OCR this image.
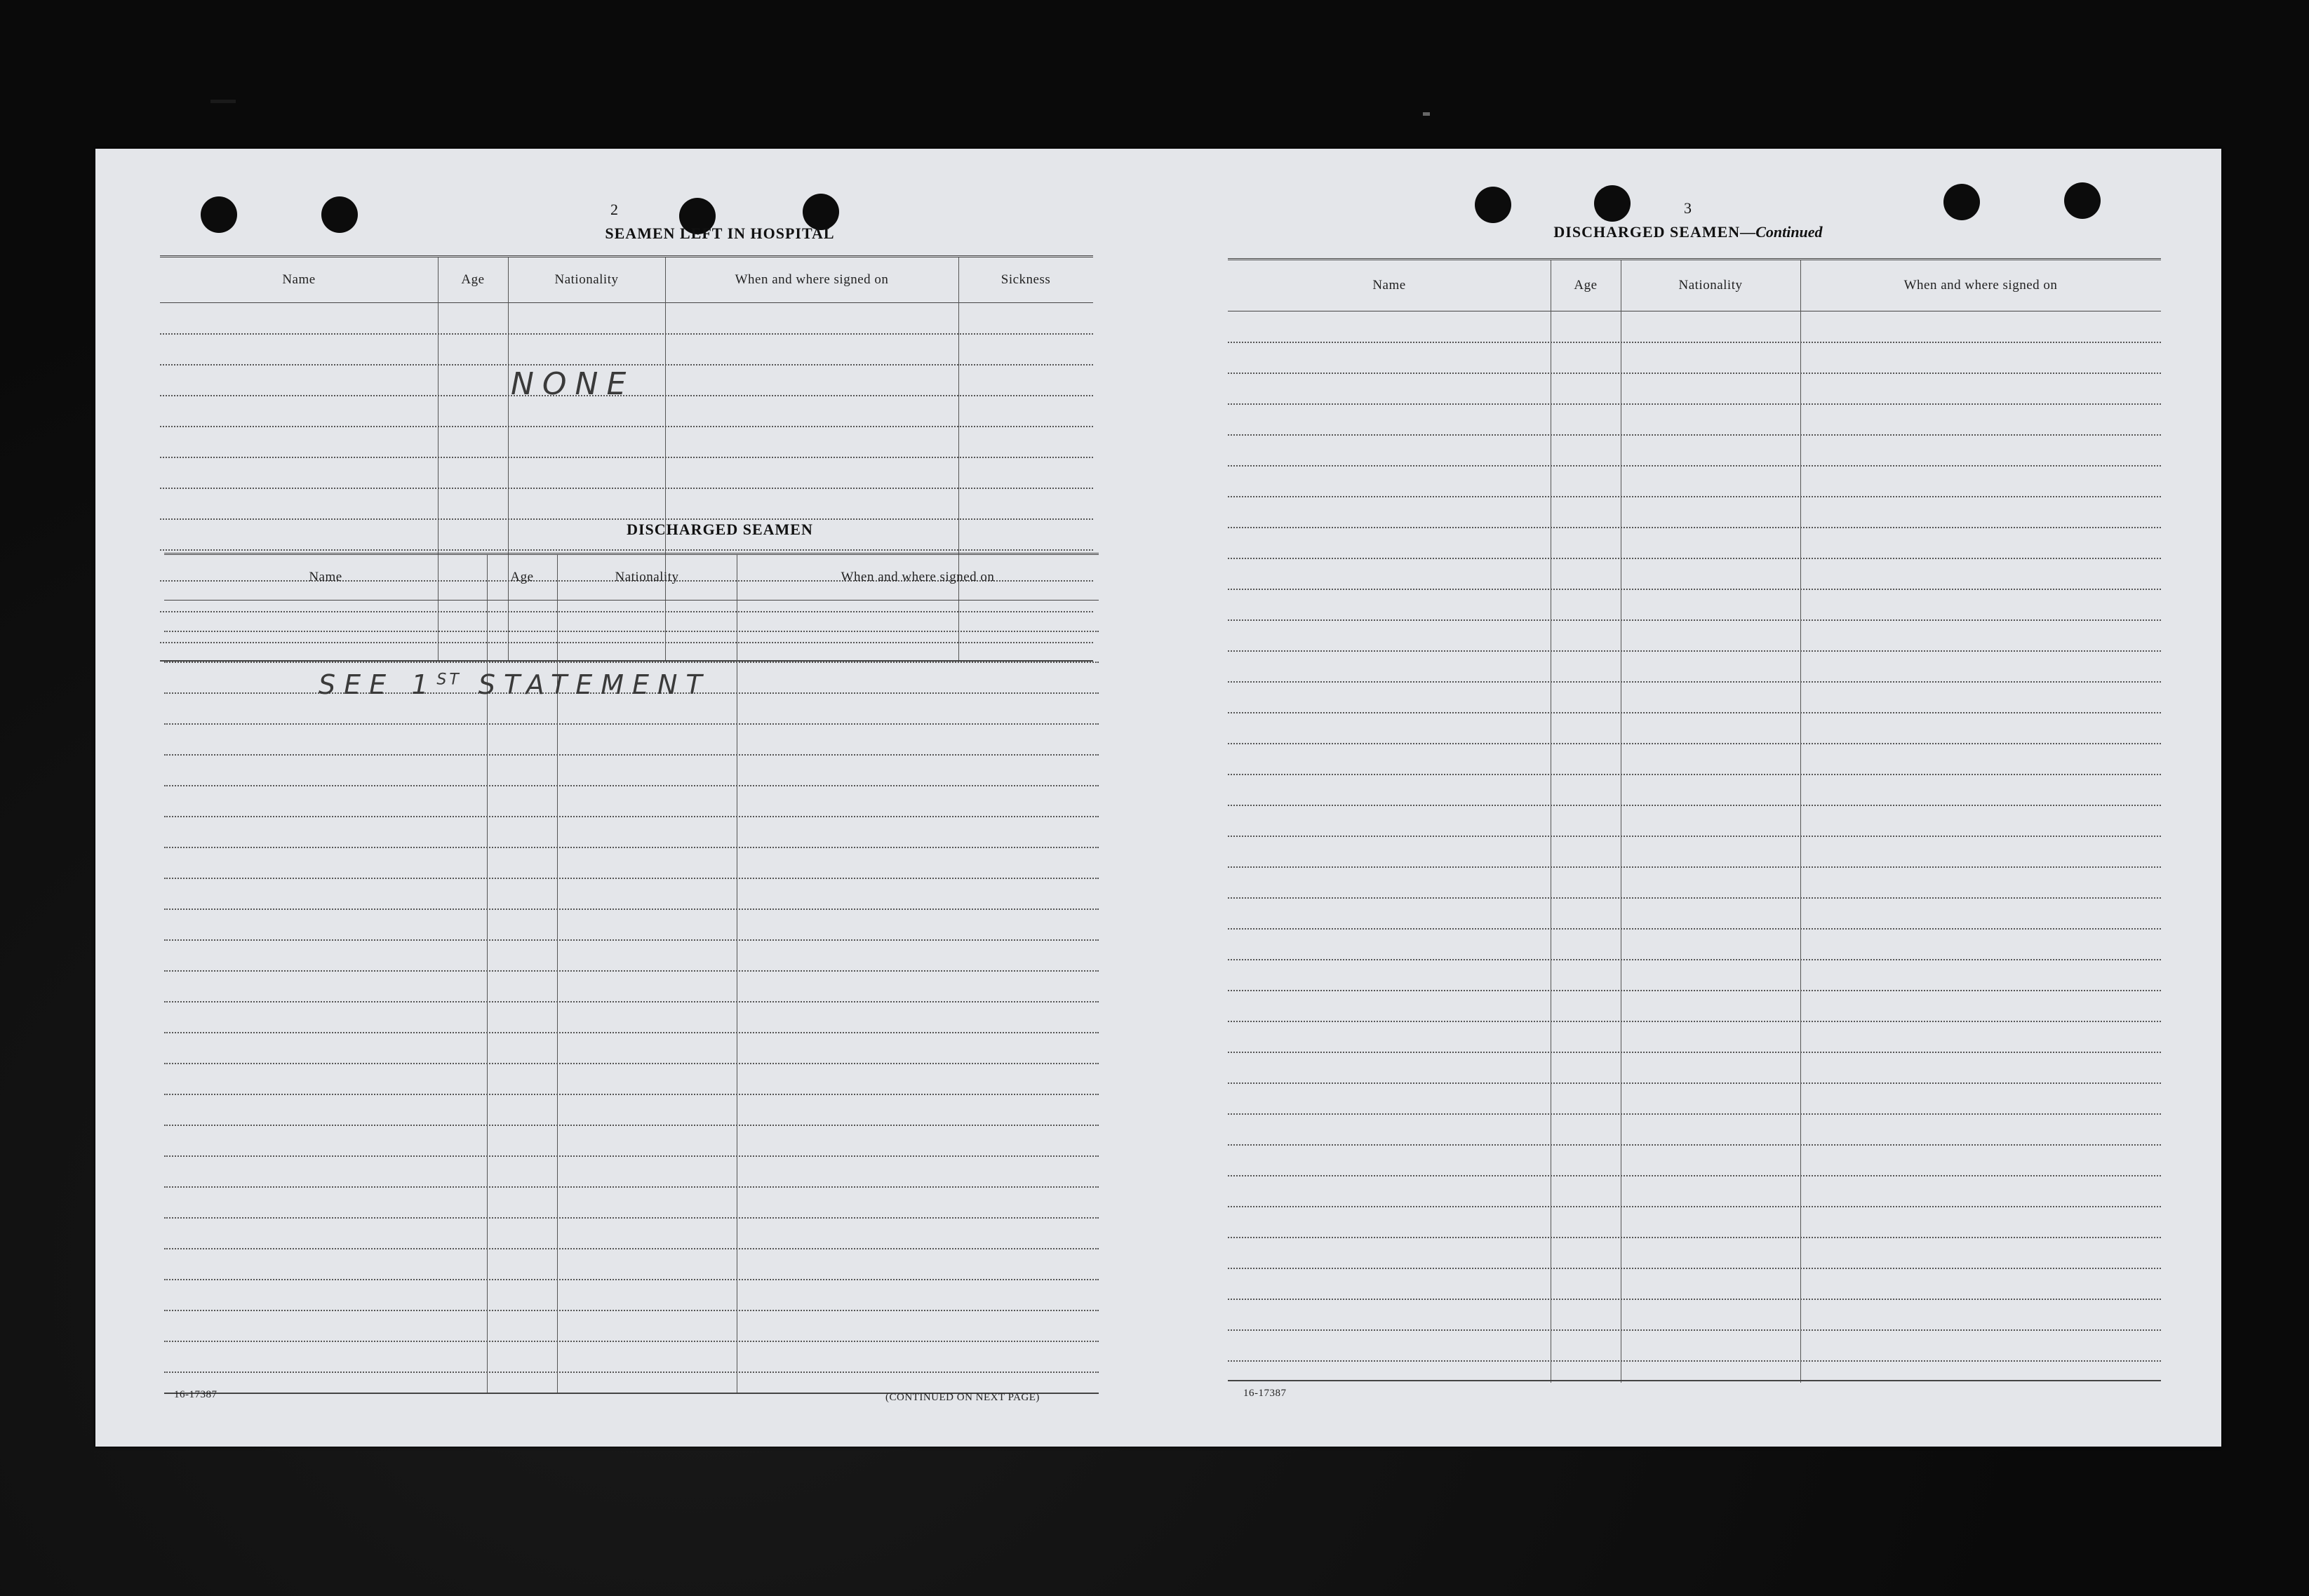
2
SEAMEN LEFT IN HOSPITAL
Name	Age	Nationality	When and where signed on	Sickness
NONE
DISCHARGED SEAMEN
Name	Age	Nationality	When and where signed on
SEE 1ST STATEMENT
16-17387	(CONTINUED ON NEXT PAGE)
3
DISCHARGED SEAMEN—Continued
Name	Age	Nationality	When and where signed on
16-17387
